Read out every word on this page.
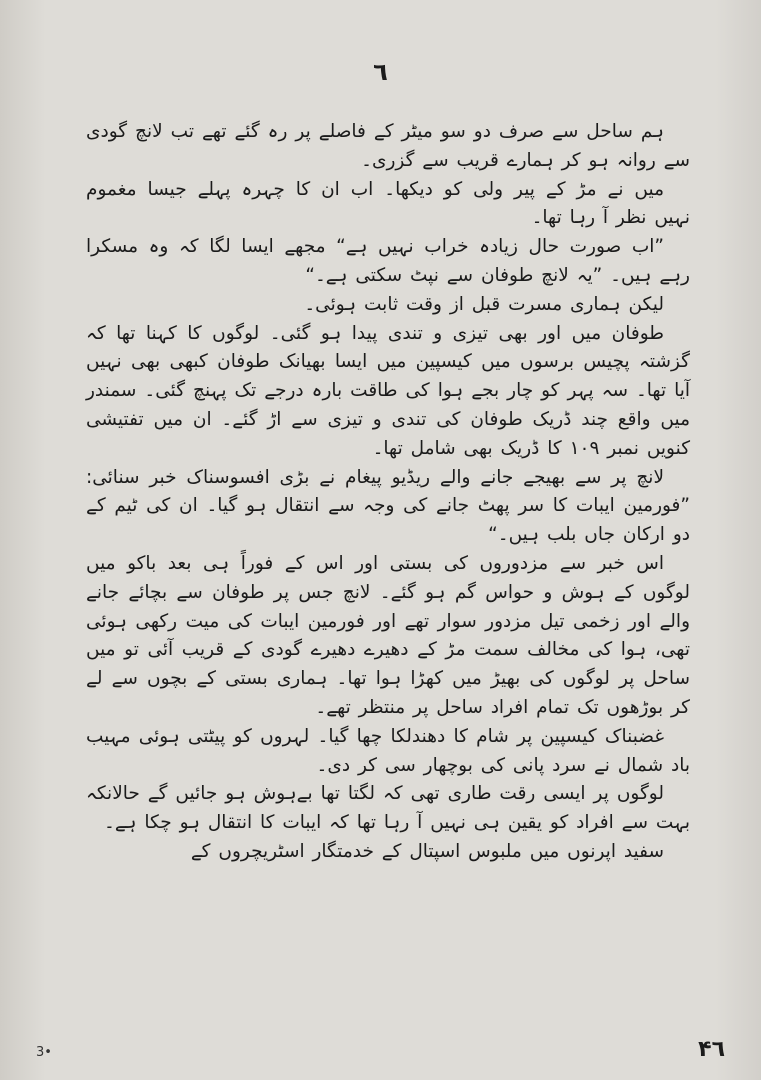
٦

ہم ساحل سے صرف دو سو میٹر کے فاصلے پر رہ گئے تھے تب لانچ گودی سے روانہ ہو کر ہمارے قریب سے گزری۔

میں نے مڑ کے پیر ولی کو دیکھا۔ اب ان کا چہرہ پہلے جیسا مغموم نہیں نظر آ رہا تھا۔

”اب صورت حال زیادہ خراب نہیں ہے“ مجھے ایسا لگا کہ وہ مسکرا رہے ہیں۔ ”یہ لانچ طوفان سے نپٹ سکتی ہے۔“

لیکن ہماری مسرت قبل از وقت ثابت ہوئی۔

طوفان میں اور بھی تیزی و تندی پیدا ہو گئی۔ لوگوں کا کہنا تھا کہ گزشتہ پچیس برسوں میں کیسپین میں ایسا بھیانک طوفان کبھی بھی نہیں آیا تھا۔ سہ پہر کو چار بجے ہوا کی طاقت بارہ درجے تک پہنچ گئی۔ سمندر میں واقع چند ڈریک طوفان کی تندی و تیزی سے اڑ گئے۔ ان میں تفتیشی کنویں نمبر ۱۰۹ کا ڈریک بھی شامل تھا۔

لانچ پر سے بھیجے جانے والے ریڈیو پیغام نے بڑی افسوسناک خبر سنائی: ”فورمین ایبات کا سر پھٹ جانے کی وجہ سے انتقال ہو گیا۔ ان کی ٹیم کے دو ارکان جاں بلب ہیں۔“

اس خبر سے مزدوروں کی بستی اور اس کے فوراً ہی بعد باکو میں لوگوں کے ہوش و حواس گم ہو گئے۔ لانچ جس پر طوفان سے بچائے جانے والے اور زخمی تیل مزدور سوار تھے اور فورمین ایبات کی میت رکھی ہوئی تھی، ہوا کی مخالف سمت مڑ کے دھیرے دھیرے گودی کے قریب آئی تو میں ساحل پر لوگوں کی بھیڑ میں کھڑا ہوا تھا۔ ہماری بستی کے بچوں سے لے کر بوڑھوں تک تمام افراد ساحل پر منتظر تھے۔

غضبناک کیسپین پر شام کا دھندلکا چھا گیا۔ لہروں کو پیٹتی ہوئی مہیب باد شمال نے سرد پانی کی بوچھار سی کر دی۔

لوگوں پر ایسی رقت طاری تھی کہ لگتا تھا بےہوش ہو جائیں گے حالانکہ بہت سے افراد کو یقین ہی نہیں آ رہا تھا کہ ایبات کا انتقال ہو چکا ہے۔

سفید اپرنوں میں ملبوس اسپتال کے خدمتگار اسٹریچروں کے

3•	۴٦
